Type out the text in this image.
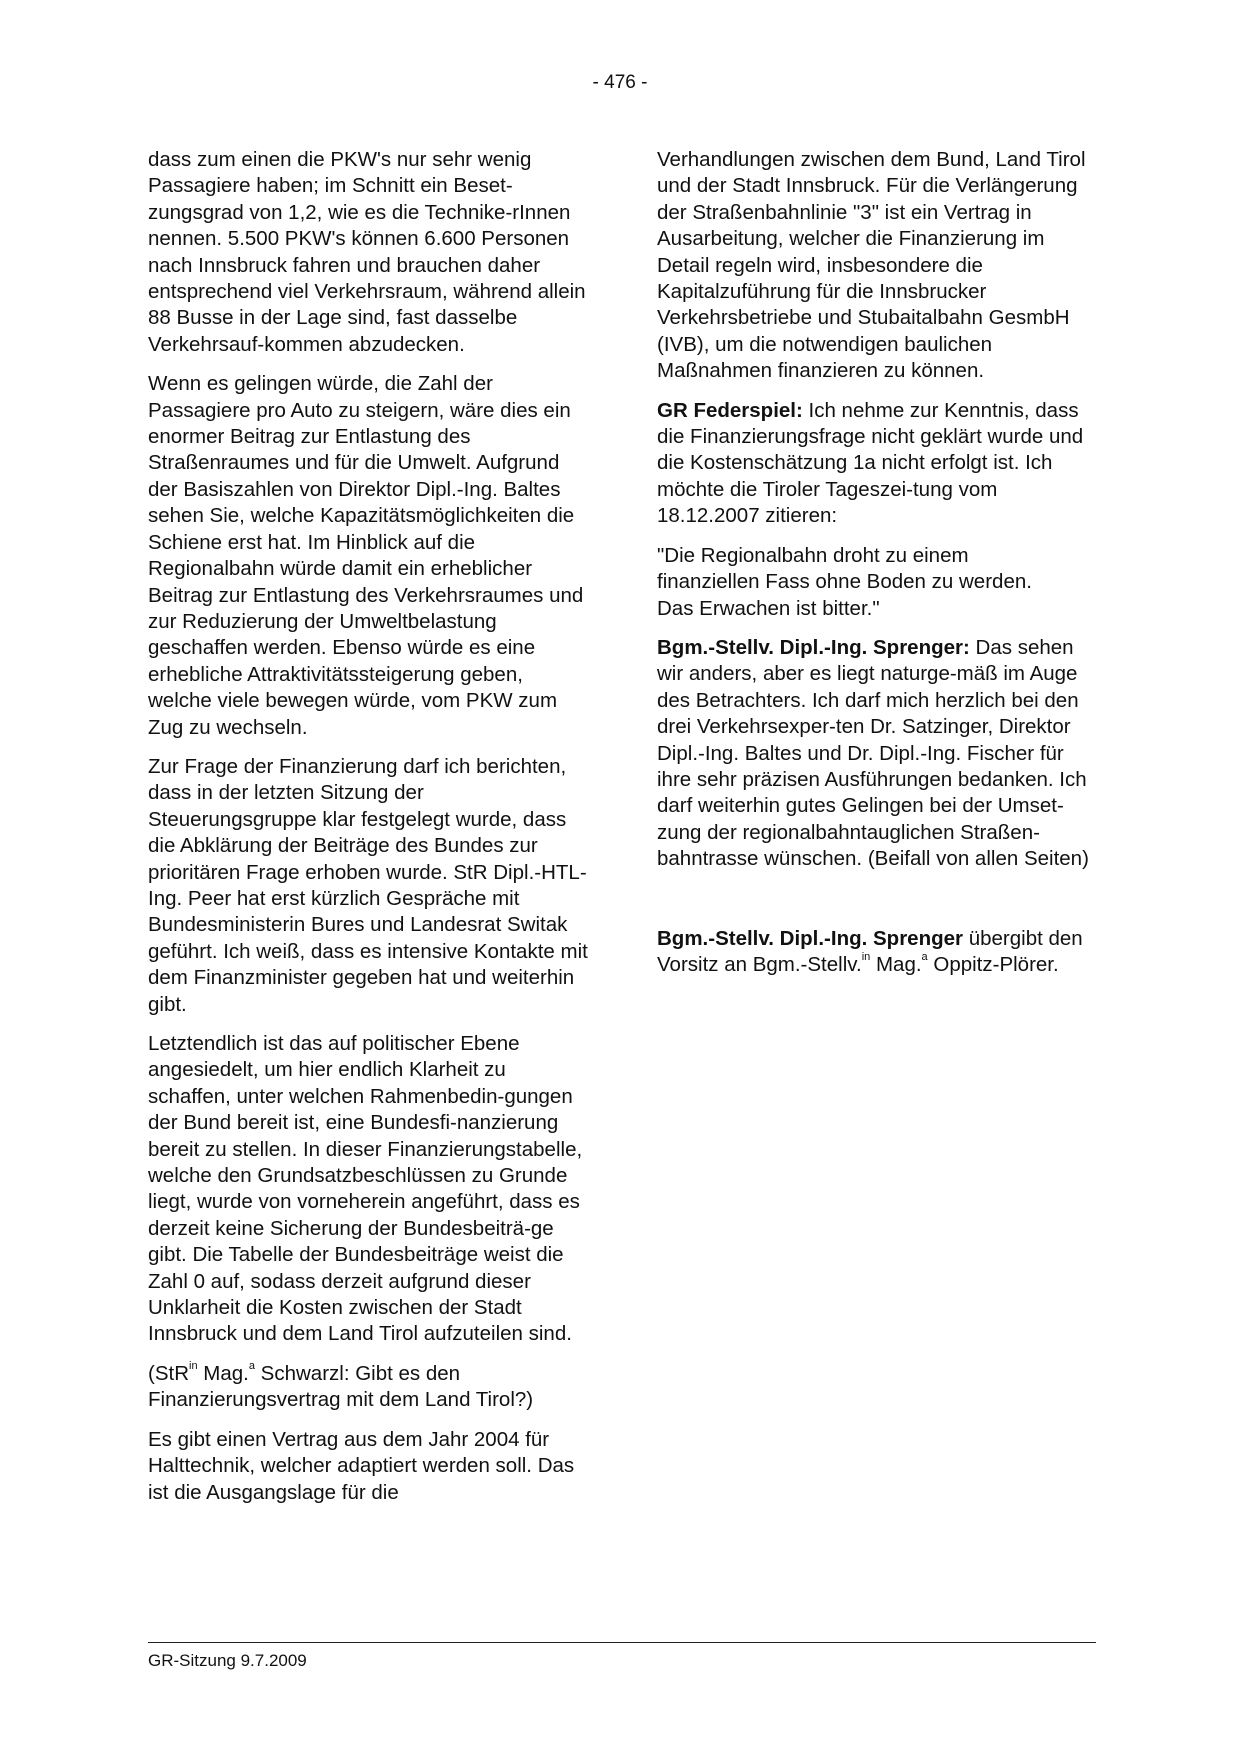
- 476 -

dass zum einen die PKW's nur sehr wenig Passagiere haben; im Schnitt ein Beset-zungsgrad von 1,2, wie es die Technike-rInnen nennen. 5.500 PKW's können 6.600 Personen nach Innsbruck fahren und brauchen daher entsprechend viel Verkehrsraum, während allein 88 Busse in der Lage sind, fast dasselbe Verkehrsauf-kommen abzudecken.

Wenn es gelingen würde, die Zahl der Passagiere pro Auto zu steigern, wäre dies ein enormer Beitrag zur Entlastung des Straßenraumes und für die Umwelt. Aufgrund der Basiszahlen von Direktor Dipl.-Ing. Baltes sehen Sie, welche Kapazitätsmöglichkeiten die Schiene erst hat. Im Hinblick auf die Regionalbahn würde damit ein erheblicher Beitrag zur Entlastung des Verkehrsraumes und zur Reduzierung der Umweltbelastung geschaffen werden. Ebenso würde es eine erhebliche Attraktivitätssteigerung geben, welche viele bewegen würde, vom PKW zum Zug zu wechseln.

Zur Frage der Finanzierung darf ich berichten, dass in der letzten Sitzung der Steuerungsgruppe klar festgelegt wurde, dass die Abklärung der Beiträge des Bundes zur prioritären Frage erhoben wurde. StR Dipl.-HTL-Ing. Peer hat erst kürzlich Gespräche mit Bundesministerin Bures und Landesrat Switak geführt. Ich weiß, dass es intensive Kontakte mit dem Finanzminister gegeben hat und weiterhin gibt.

Letztendlich ist das auf politischer Ebene angesiedelt, um hier endlich Klarheit zu schaffen, unter welchen Rahmenbedin-gungen der Bund bereit ist, eine Bundesfi-nanzierung bereit zu stellen. In dieser Finanzierungstabelle, welche den Grundsatzbeschlüssen zu Grunde liegt, wurde von vorneherein angeführt, dass es derzeit keine Sicherung der Bundesbeiträ-ge gibt. Die Tabelle der Bundesbeiträge weist die Zahl 0 auf, sodass derzeit aufgrund dieser Unklarheit die Kosten zwischen der Stadt Innsbruck und dem Land Tirol aufzuteilen sind.

(StR$^{in}$ Mag.$^a$ Schwarzl: Gibt es den Finanzierungsvertrag mit dem Land Tirol?)

Es gibt einen Vertrag aus dem Jahr 2004 für Halttechnik, welcher adaptiert werden soll. Das ist die Ausgangslage für die

Verhandlungen zwischen dem Bund, Land Tirol und der Stadt Innsbruck. Für die Verlängerung der Straßenbahnlinie "3" ist ein Vertrag in Ausarbeitung, welcher die Finanzierung im Detail regeln wird, insbesondere die Kapitalzuführung für die Innsbrucker Verkehrsbetriebe und Stubaitalbahn GesmbH (IVB), um die notwendigen baulichen Maßnahmen finanzieren zu können.

GR Federspiel: Ich nehme zur Kenntnis, dass die Finanzierungsfrage nicht geklärt wurde und die Kostenschätzung 1a nicht erfolgt ist. Ich möchte die Tiroler Tageszei-tung vom 18.12.2007 zitieren:

"Die Regionalbahn droht zu einem
finanziellen Fass ohne Boden zu werden.
Das Erwachen ist bitter."

Bgm.-Stellv. Dipl.-Ing. Sprenger: Das sehen wir anders, aber es liegt naturge-mäß im Auge des Betrachters. Ich darf mich herzlich bei den drei Verkehrsexper-ten Dr. Satzinger, Direktor Dipl.-Ing. Baltes und Dr. Dipl.-Ing. Fischer für ihre sehr präzisen Ausführungen bedanken. Ich darf weiterhin gutes Gelingen bei der Umset-zung der regionalbahntauglichen Straßen-bahntrasse wünschen. (Beifall von allen Seiten)

Bgm.-Stellv. Dipl.-Ing. Sprenger übergibt den Vorsitz an Bgm.-Stellv.$^{in}$ Mag.$^a$ Oppitz-Plörer.

GR-Sitzung 9.7.2009
